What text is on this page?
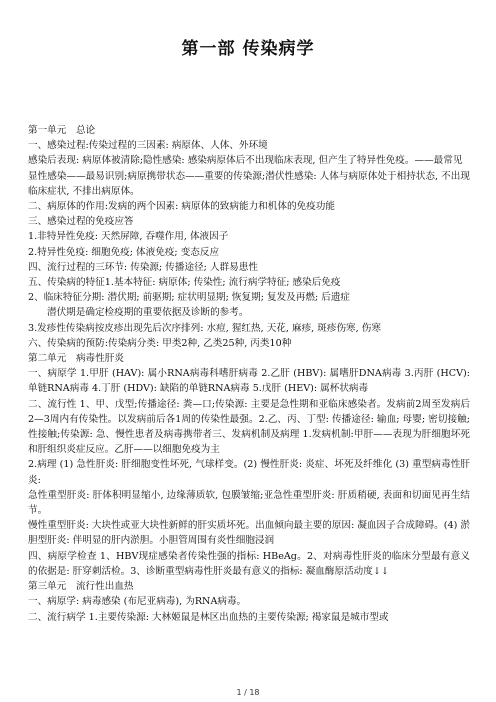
第一部 传染病学
第一单元　总论
一、感染过程:传染过程的三因素: 病原体、人体、外环境
感染后表现: 病原体被清除;隐性感染: 感染病原体后不出现临床表现, 但产生了特异性免疫。——最常见
显性感染——最易识别;病原携带状态——重要的传染源;潜伏性感染: 人体与病原体处于相持状态, 不出现临床症状, 不排出病原体。
二、病原体的作用:发病的两个因素: 病原体的致病能力和机体的免疫功能
三、感染过程的免疫应答
1.非特异性免疫: 天然屏障, 吞噬作用, 体液因子
2.特异性免疫: 细胞免疫; 体液免疫; 变态反应
四、流行过程的三环节: 传染源; 传播途径; 人群易患性
五、传染病的特征1.基本特征: 病原体; 传染性; 流行病学特征; 感染后免疫
2、临床特征分期: 潜伏期; 前驱期; 症状明显期; 恢复期; 复发及再燃; 后遗症
潜伏期是确定检疫期的重要依据及诊断的参考。
3.发疹性传染病按皮疹出现先后次序排列: 水痘, 猩红热, 天花, 麻疹, 斑疹伤寒, 伤寒
六、传染病的预防:传染病分类: 甲类2种, 乙类25种, 丙类10种
第二单元　病毒性肝炎
一、病原学 1.甲肝 (HAV): 属小RNA病毒科嗜肝病毒 2.乙肝 (HBV): 属嗜肝DNA病毒 3.丙肝 (HCV): 单链RNA病毒 4.丁肝 (HDV): 缺陷的单链RNA病毒 5.戊肝 (HEV): 属杯状病毒
二、流行性 1、甲、戊型;传播途径: 粪—口;传染源: 主要是急性期和亚临床感染者。发病前2周至发病后2—3周内有传染性。以发病前后各1周的传染性最强。2.乙、丙、丁型: 传播途径: 输血; 母婴; 密切接触; 性接触;传染源: 急、慢性患者及病毒携带者三、发病机制及病理 1.发病机制:甲肝——表现为肝细胞坏死和肝组织炎症反应。乙肝——以细胞免疫为主
2.病理 (1) 急性肝炎: 肝细胞变性坏死, 气球样变。(2) 慢性肝炎: 炎症、坏死及纤维化 (3) 重型病毒性肝炎:
急性重型肝炎: 肝体积明显缩小, 边缘薄质软, 包膜皱缩;亚急性重型肝炎: 肝质稍硬, 表面和切面见再生结节。
慢性重型肝炎: 大块性或亚大块性新鲜的肝实质坏死。出血倾向最主要的原因: 凝血因子合成障碍。(4) 淤胆型肝炎: 伴明显的肝内淤胆。小胆管周围有炎性细胞浸润
四、病原学检查 1、HBV现症感染者传染性强的指标: HBeAg。2、对病毒性肝炎的临床分型最有意义的依据是: 肝穿刺活检。3、诊断重型病毒性肝炎最有意义的指标: 凝血酶原活动度↓↓
第三单元　流行性出血热
一、病原学: 病毒感染 (布尼亚病毒), 为RNA病毒。
二、流行病学 1.主要传染源: 大林姬鼠是林区出血热的主要传染源; 褐家鼠是城市型或
1 / 18
